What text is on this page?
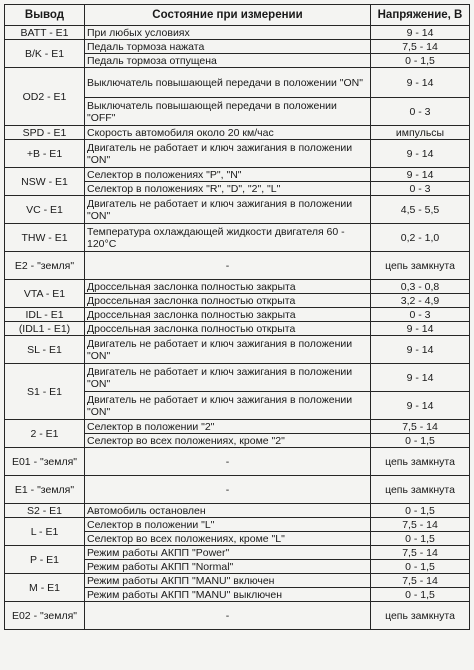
Вывод	Состояние при измерении	Напряжение, В
BATT - E1	При любых условиях	9 - 14
B/K - E1	Педаль тормоза нажата	7,5 - 14
	Педаль тормоза отпущена	0 - 1,5
OD2 - E1	Выключатель повышающей передачи в положении "ON"	9 - 14
	Выключатель повышающей передачи в положении "OFF"	0 - 3
SPD - E1	Скорость автомобиля около 20 км/час	импульсы
+B - E1	Двигатель не работает и ключ зажигания в положении "ON"	9 - 14
NSW - E1	Селектор в положениях "P", "N"	9 - 14
	Селектор в положениях "R", "D", "2", "L"	0 - 3
VC - E1	Двигатель не работает и ключ зажигания в положении "ON"	4,5 - 5,5
THW - E1	Температура охлаждающей жидкости двигателя 60 - 120°C	0,2 - 1,0
E2 - "земля"	-	цепь замкнута
VTA - E1	Дроссельная заслонка полностью закрыта	0,3 - 0,8
	Дроссельная заслонка полностью открыта	3,2 - 4,9
IDL - E1	Дроссельная заслонка полностью закрыта	0 - 3
(IDL1 - E1)	Дроссельная заслонка полностью открыта	9 - 14
SL - E1	Двигатель не работает и ключ зажигания в положении "ON"	9 - 14
S1 - E1	Двигатель не работает и ключ зажигания в положении "ON"	9 - 14
	Двигатель не работает и ключ зажигания в положении "ON"	9 - 14
2 - E1	Селектор в положении "2"	7,5 - 14
	Селектор во всех положениях, кроме "2"	0 - 1,5
E01 - "земля"	-	цепь замкнута
E1 - "земля"	-	цепь замкнута
S2 - E1	Автомобиль остановлен	0 - 1,5
L - E1	Селектор в положении "L"	7,5 - 14
	Селектор во всех положениях, кроме "L"	0 - 1,5
P - E1	Режим работы АКПП "Power"	7,5 - 14
	Режим работы АКПП "Normal"	0 - 1,5
M - E1	Режим работы АКПП "MANU" включен	7,5 - 14
	Режим работы АКПП "MANU" выключен	0 - 1,5
E02 - "земля"	-	цепь замкнута
